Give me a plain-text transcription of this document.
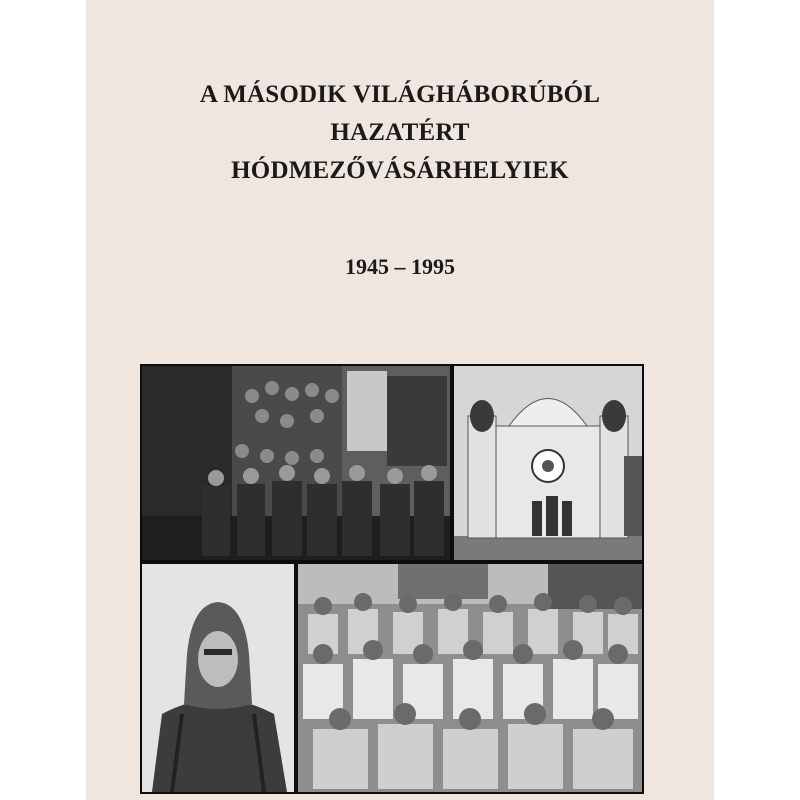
A MÁSODIK VILÁGHÁBORÚBÓL
HAZATÉRT
HÓDMEZŐVÁSÁRHELYIEK
1945 – 1995
